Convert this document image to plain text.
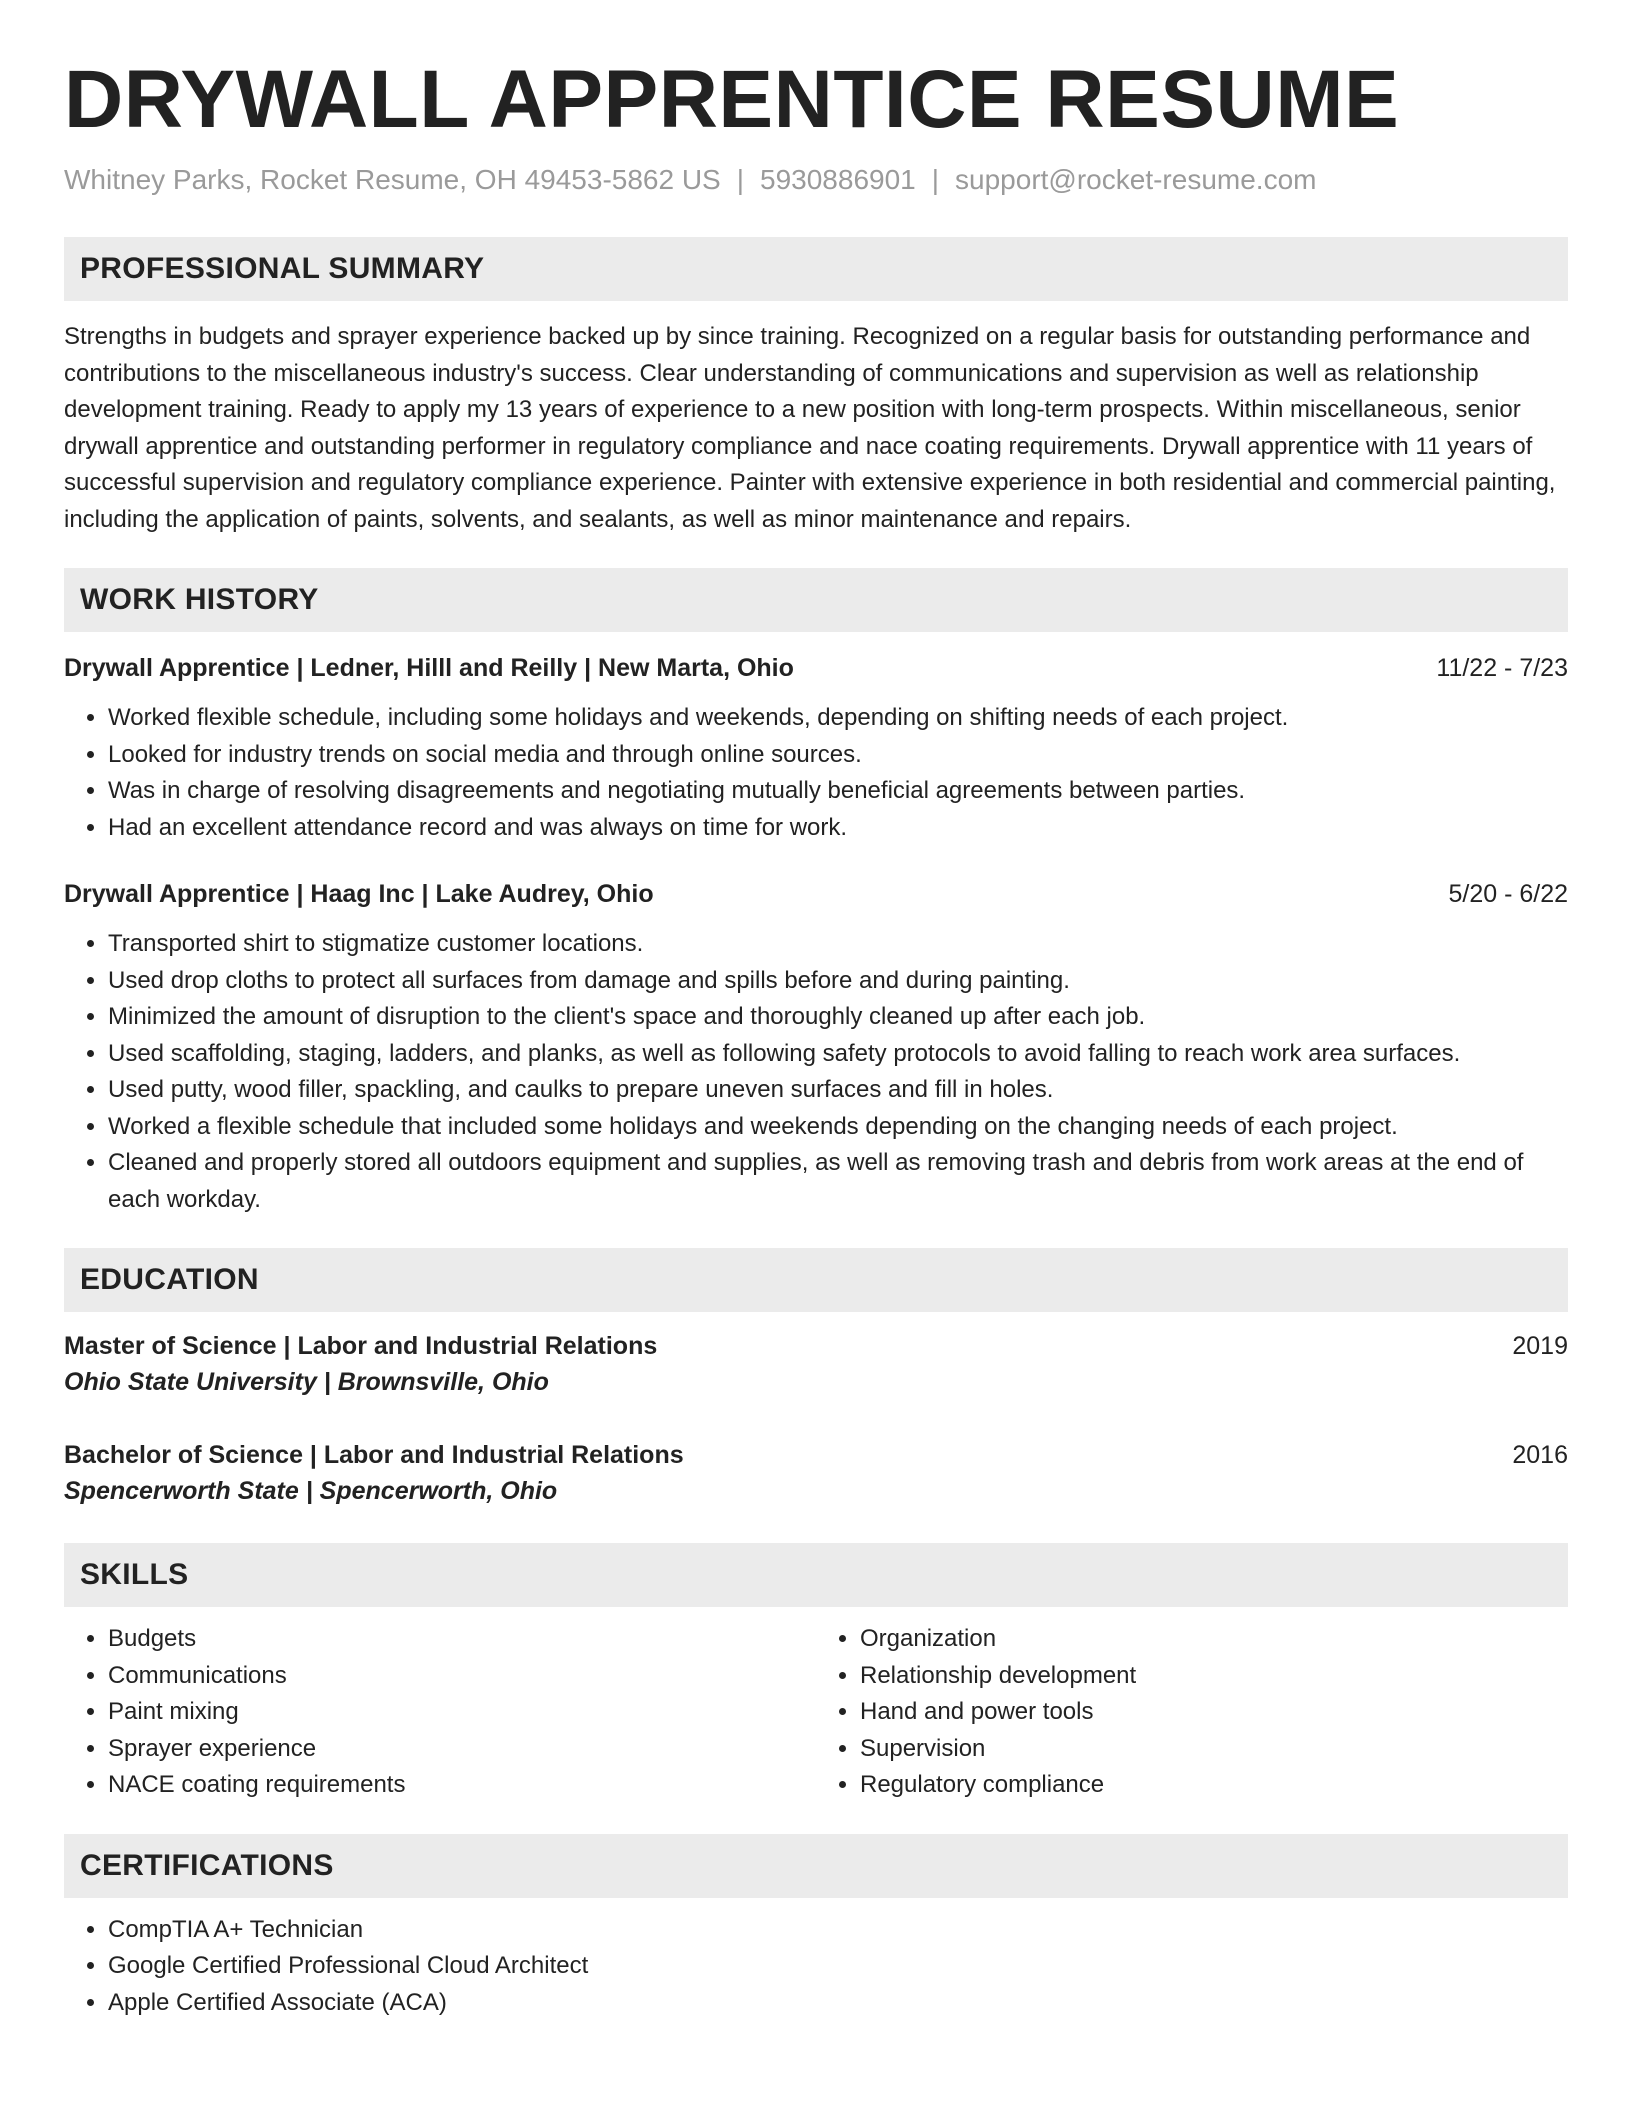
DRYWALL APPRENTICE RESUME
Whitney Parks, Rocket Resume, OH 49453-5862 US | 5930886901 | support@rocket-resume.com
PROFESSIONAL SUMMARY

Strengths in budgets and sprayer experience backed up by since training. Recognized on a regular basis for outstanding performance and contributions to the miscellaneous industry's success. Clear understanding of communications and supervision as well as relationship development training. Ready to apply my 13 years of experience to a new position with long-term prospects. Within miscellaneous, senior drywall apprentice and outstanding performer in regulatory compliance and nace coating requirements. Drywall apprentice with 11 years of successful supervision and regulatory compliance experience. Painter with extensive experience in both residential and commercial painting, including the application of paints, solvents, and sealants, as well as minor maintenance and repairs.

WORK HISTORY
Drywall Apprentice | Ledner, Hilll and Reilly | New Marta, Ohio	11/22 - 7/23
• Worked flexible schedule, including some holidays and weekends, depending on shifting needs of each project.
• Looked for industry trends on social media and through online sources.
• Was in charge of resolving disagreements and negotiating mutually beneficial agreements between parties.
• Had an excellent attendance record and was always on time for work.
Drywall Apprentice | Haag Inc | Lake Audrey, Ohio	5/20 - 6/22
• Transported shirt to stigmatize customer locations.
• Used drop cloths to protect all surfaces from damage and spills before and during painting.
• Minimized the amount of disruption to the client's space and thoroughly cleaned up after each job.
• Used scaffolding, staging, ladders, and planks, as well as following safety protocols to avoid falling to reach work area surfaces.
• Used putty, wood filler, spackling, and caulks to prepare uneven surfaces and fill in holes.
• Worked a flexible schedule that included some holidays and weekends depending on the changing needs of each project.
• Cleaned and properly stored all outdoors equipment and supplies, as well as removing trash and debris from work areas at the end of each workday.
EDUCATION
Master of Science | Labor and Industrial Relations	2019
Ohio State University | Brownsville, Ohio
Bachelor of Science | Labor and Industrial Relations	2016
Spencerworth State | Spencerworth, Ohio
SKILLS
• Budgets
• Communications
• Paint mixing
• Sprayer experience
• NACE coating requirements
• Organization
• Relationship development
• Hand and power tools
• Supervision
• Regulatory compliance
CERTIFICATIONS
• CompTIA A+ Technician
• Google Certified Professional Cloud Architect
• Apple Certified Associate (ACA)
